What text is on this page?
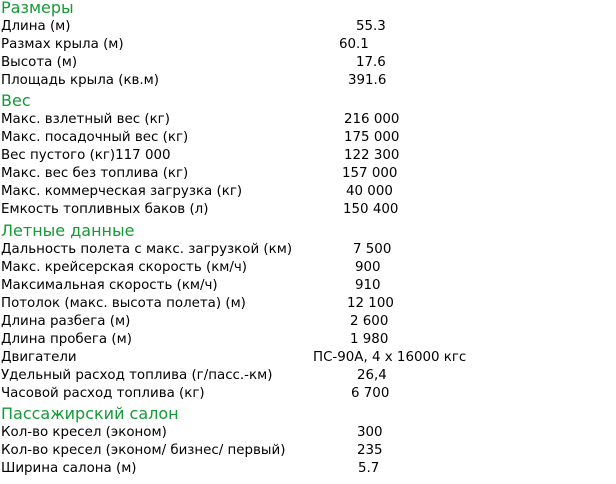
Размеры
Длина (м)	55.3
Размах крыла (м)	60.1
Высота (м)	17.6
Площадь крыла (кв.м)	391.6
Вес
Макс. взлетный вес (кг)	216 000
Макс. посадочный вес (кг)	175 000
Вес пустого (кг)117 000	122 300
Макс. вес без топлива (кг)	157 000
Макс. коммерческая загрузка (кг)	40 000
Емкость топливных баков (л)	150 400
Летные данные
Дальность полета с макс. загрузкой (км)	7 500
Макс. крейсерская скорость (км/ч)	900
Максимальная скорость (км/ч)	910
Потолок (макс. высота полета) (м)	12 100
Длина разбега (м)	2 600
Длина пробега (м)	1 980
Двигатели	ПС-90А, 4 x 16000 кгс
Удельный расход топлива (г/пасс.-км)	26,4
Часовой расход топлива (кг)	6 700
Пассажирский салон
Кол-во кресел (эконом)	300
Кол-во кресел (эконом/ бизнес/ первый)	235
Ширина салона (м)	5.7
